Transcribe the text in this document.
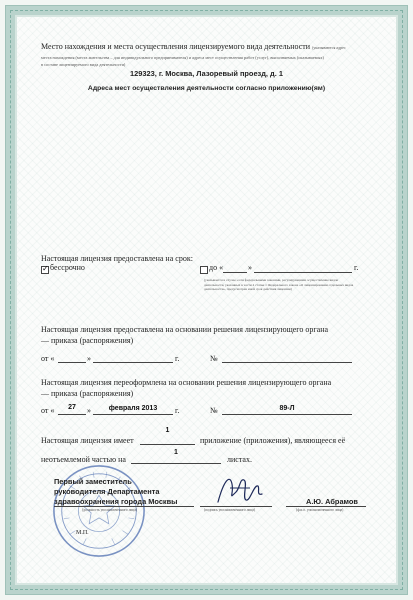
Место нахождения и места осуществления лицензируемого вида деятельности (указываются адрес
места нахождения (места жительства – для индивидуального предпринимателя) и адреса мест осуществления работ (услуг), выполняемых (оказываемых)
в составе лицензируемого вида деятельности)
129323, г. Москва, Лазоревый проезд, д. 1
Адреса мест осуществления деятельности согласно приложению(ям)
Настоящая лицензия предоставлена на срок:
✓ бессрочно	до «	»	г.
(указывается в случае, если федеральными законами, регулирующими осуществление видов деятельности, указанных в части 4 статьи 1 Федерального закона «О лицензировании отдельных видов деятельности», предусмотрен иной срок действия лицензии)
Настоящая лицензия предоставлена на основании решения лицензирующего органа
— приказа (распоряжения)
от «	»	г.	№
Настоящая лицензия переоформлена на основании решения лицензирующего органа
— приказа (распоряжения)
от «	27	»	февраля 2013	г.	№	89-Л
Настоящая лицензия имеет
1
приложение (приложения), являющееся её
неотъемлемой частью на
1
листах.
Первый заместитель
руководителя Департамента
здравоохранения города Москвы
(должность уполномоченного лица)	(подпись уполномоченного лица)
А.Ю. Абрамов
(ф.и.о. уполномоченного лица)
М.П.
